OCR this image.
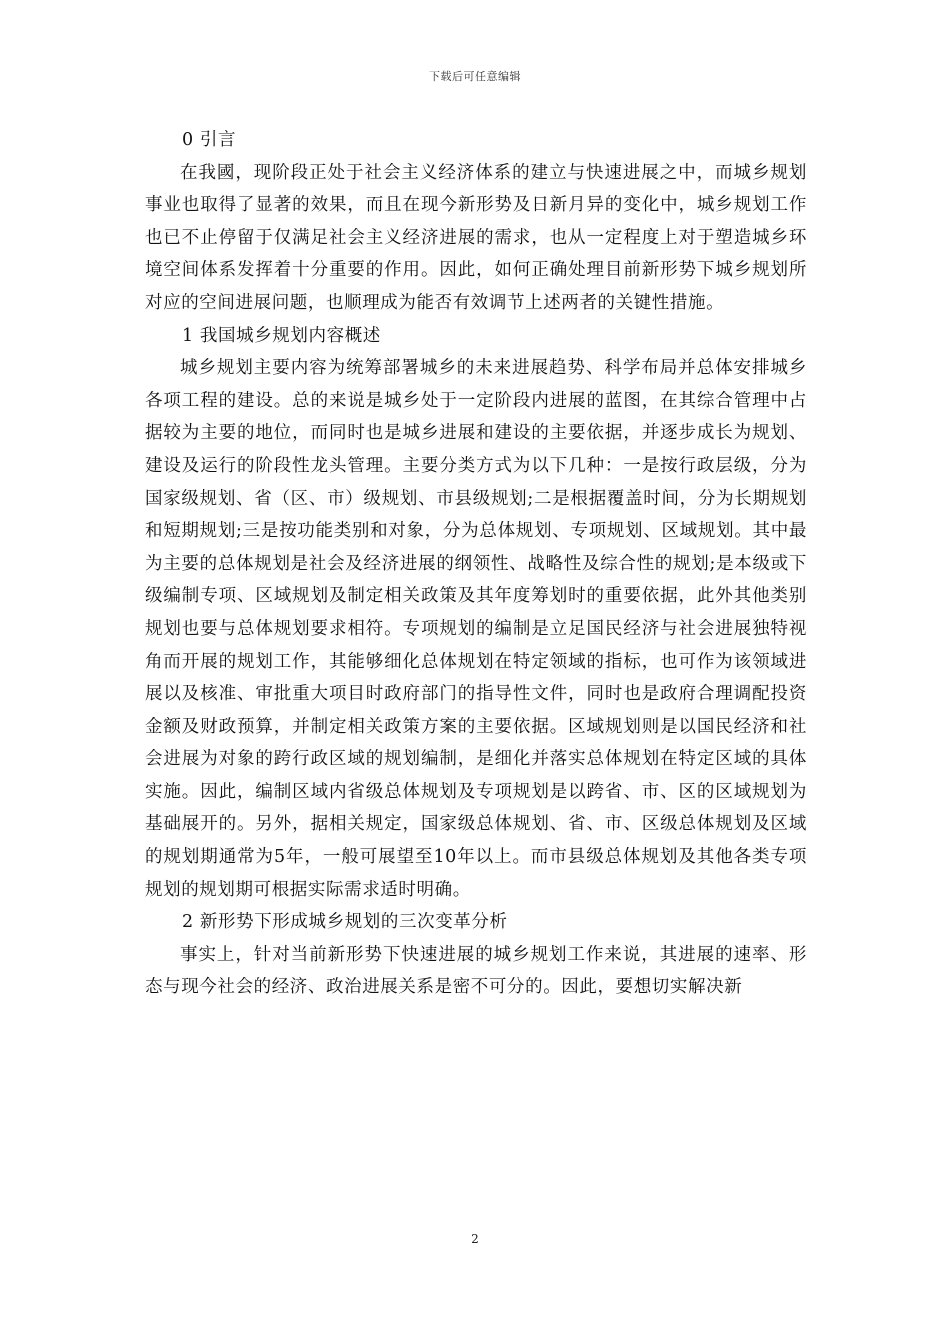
下载后可任意编辑

0 引言

在我國，现阶段正处于社会主义经济体系的建立与快速进展之中，而城乡规划事业也取得了显著的效果，而且在现今新形势及日新月异的变化中，城乡规划工作也已不止停留于仅满足社会主义经济进展的需求，也从一定程度上对于塑造城乡环境空间体系发挥着十分重要的作用。因此，如何正确处理目前新形势下城乡规划所对应的空间进展问题，也顺理成为能否有效调节上述两者的关键性措施。

1 我国城乡规划内容概述

城乡规划主要内容为统筹部署城乡的未来进展趋势、科学布局并总体安排城乡各项工程的建设。总的来说是城乡处于一定阶段内进展的蓝图，在其综合管理中占据较为主要的地位，而同时也是城乡进展和建设的主要依据，并逐步成长为规划、建设及运行的阶段性龙头管理。主要分类方式为以下几种：一是按行政层级，分为国家级规划、省（区、市）级规划、市县级规划;二是根据覆盖时间，分为长期规划和短期规划;三是按功能类别和对象，分为总体规划、专项规划、区域规划。其中最为主要的总体规划是社会及经济进展的纲领性、战略性及综合性的规划;是本级或下级编制专项、区域规划及制定相关政策及其年度筹划时的重要依据，此外其他类别规划也要与总体规划要求相符。专项规划的编制是立足国民经济与社会进展独特视角而开展的规划工作，其能够细化总体规划在特定领域的指标，也可作为该领域进展以及核准、审批重大项目时政府部门的指导性文件，同时也是政府合理调配投资金额及财政预算，并制定相关政策方案的主要依据。区域规划则是以国民经济和社会进展为对象的跨行政区域的规划编制，是细化并落实总体规划在特定区域的具体实施。因此，编制区域内省级总体规划及专项规划是以跨省、市、区的区域规划为基础展开的。另外，据相关规定，国家级总体规划、省、市、区级总体规划及区域的规划期通常为5年，一般可展望至10年以上。而市县级总体规划及其他各类专项规划的规划期可根据实际需求适时明确。

2 新形势下形成城乡规划的三次变革分析

事实上，针对当前新形势下快速进展的城乡规划工作来说，其进展的速率、形态与现今社会的经济、政治进展关系是密不可分的。因此，要想切实解决新

2
